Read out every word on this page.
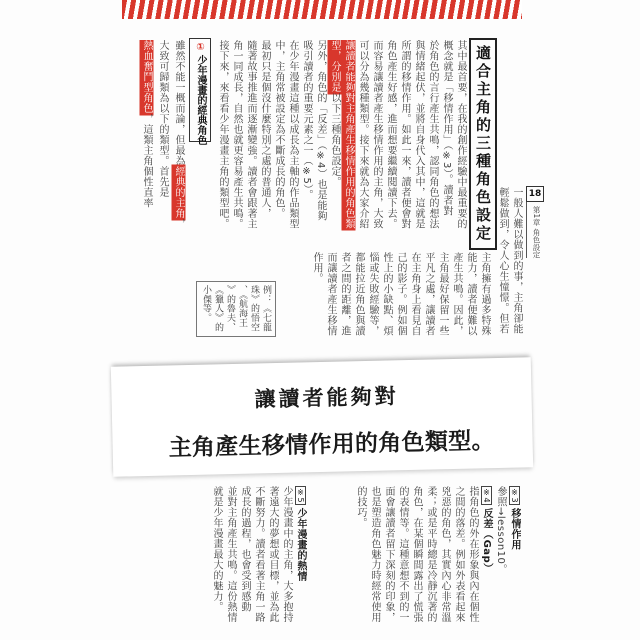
適合主角的三種角色設定	18
第1章 角色設定
其中最首要，在我的創作經驗中最重要的
概念就是「移情作用」（※3）。讀者對
於角色的言行產生共鳴，認同角色的想法
與情緒起伏，並將自身代入其中，這就是
所謂的移情作用。如此一來，讀者便會對
角色產生好感，進而想要繼續閱讀下去。
而容易讓讀者產生移情作用的主角，大致
可以分為幾種類型。接下來就為大家介紹
讓讀者能夠對主角產生移情作用的角色類
型，分別是以下三種角色設定。
另外，角色的「反差」（※4）也是能夠
吸引讀者的重要元素之一（※5）。
在少年漫畫這種以成長為主軸的作品類型
中，主角常被設定為不斷成長的角色。
最初只是個沒什麼特別之處的普通人，
隨著故事推進而逐漸變強。讀者會跟著主
角一同成長，自然也就更容易產生共鳴。
接下來，來看看少年漫畫主角的類型吧。
①少年漫畫的經典角色
雖然不能一概而論，但最為經典的主角，
大致可歸類為以下的類型。首先是
熱血奮鬥型角色，這類主角個性直率
一般人難以做到的事，主角卻能
輕鬆做到，令人心生憧憬。但若
主角擁有過多特殊
能力，讀者便難以
產生共鳴。因此，
主角最好保留一些
平凡之處，讓讀者
在主角身上看見自
己的影子。例如個
性上的小缺點、煩
惱或失敗經驗等，
都能拉近角色與讀
者之間的距離，進
而讓讀者產生移情
作用。
例：《七龍
珠》的悟空
、《航海王
》的魯夫、
《獵人》的
小傑等。
讓讀者能夠對
主角產生移情作用的角色類型。
※3移情作用
參照→lesson10。
※4反差（Gap）
指角色的外在形象與內在個性
之間的落差。例如外表看起來
兇惡的角色，其實內心非常溫
柔；或是平時總是冷靜沉著的
角色，在某個瞬間露出了慌張
的表情等。這種意想不到的一
面會讓讀者留下深刻的印象，
也是塑造角色魅力時經常使用
的技巧。
※5少年漫畫的熱情
少年漫畫中的主角，大多抱持
著遠大的夢想或目標，並為此
不斷努力。讀者看著主角一路
成長的過程，也會受到感動
並對主角產生共鳴。這份熱情
就是少年漫畫最大的魅力。
